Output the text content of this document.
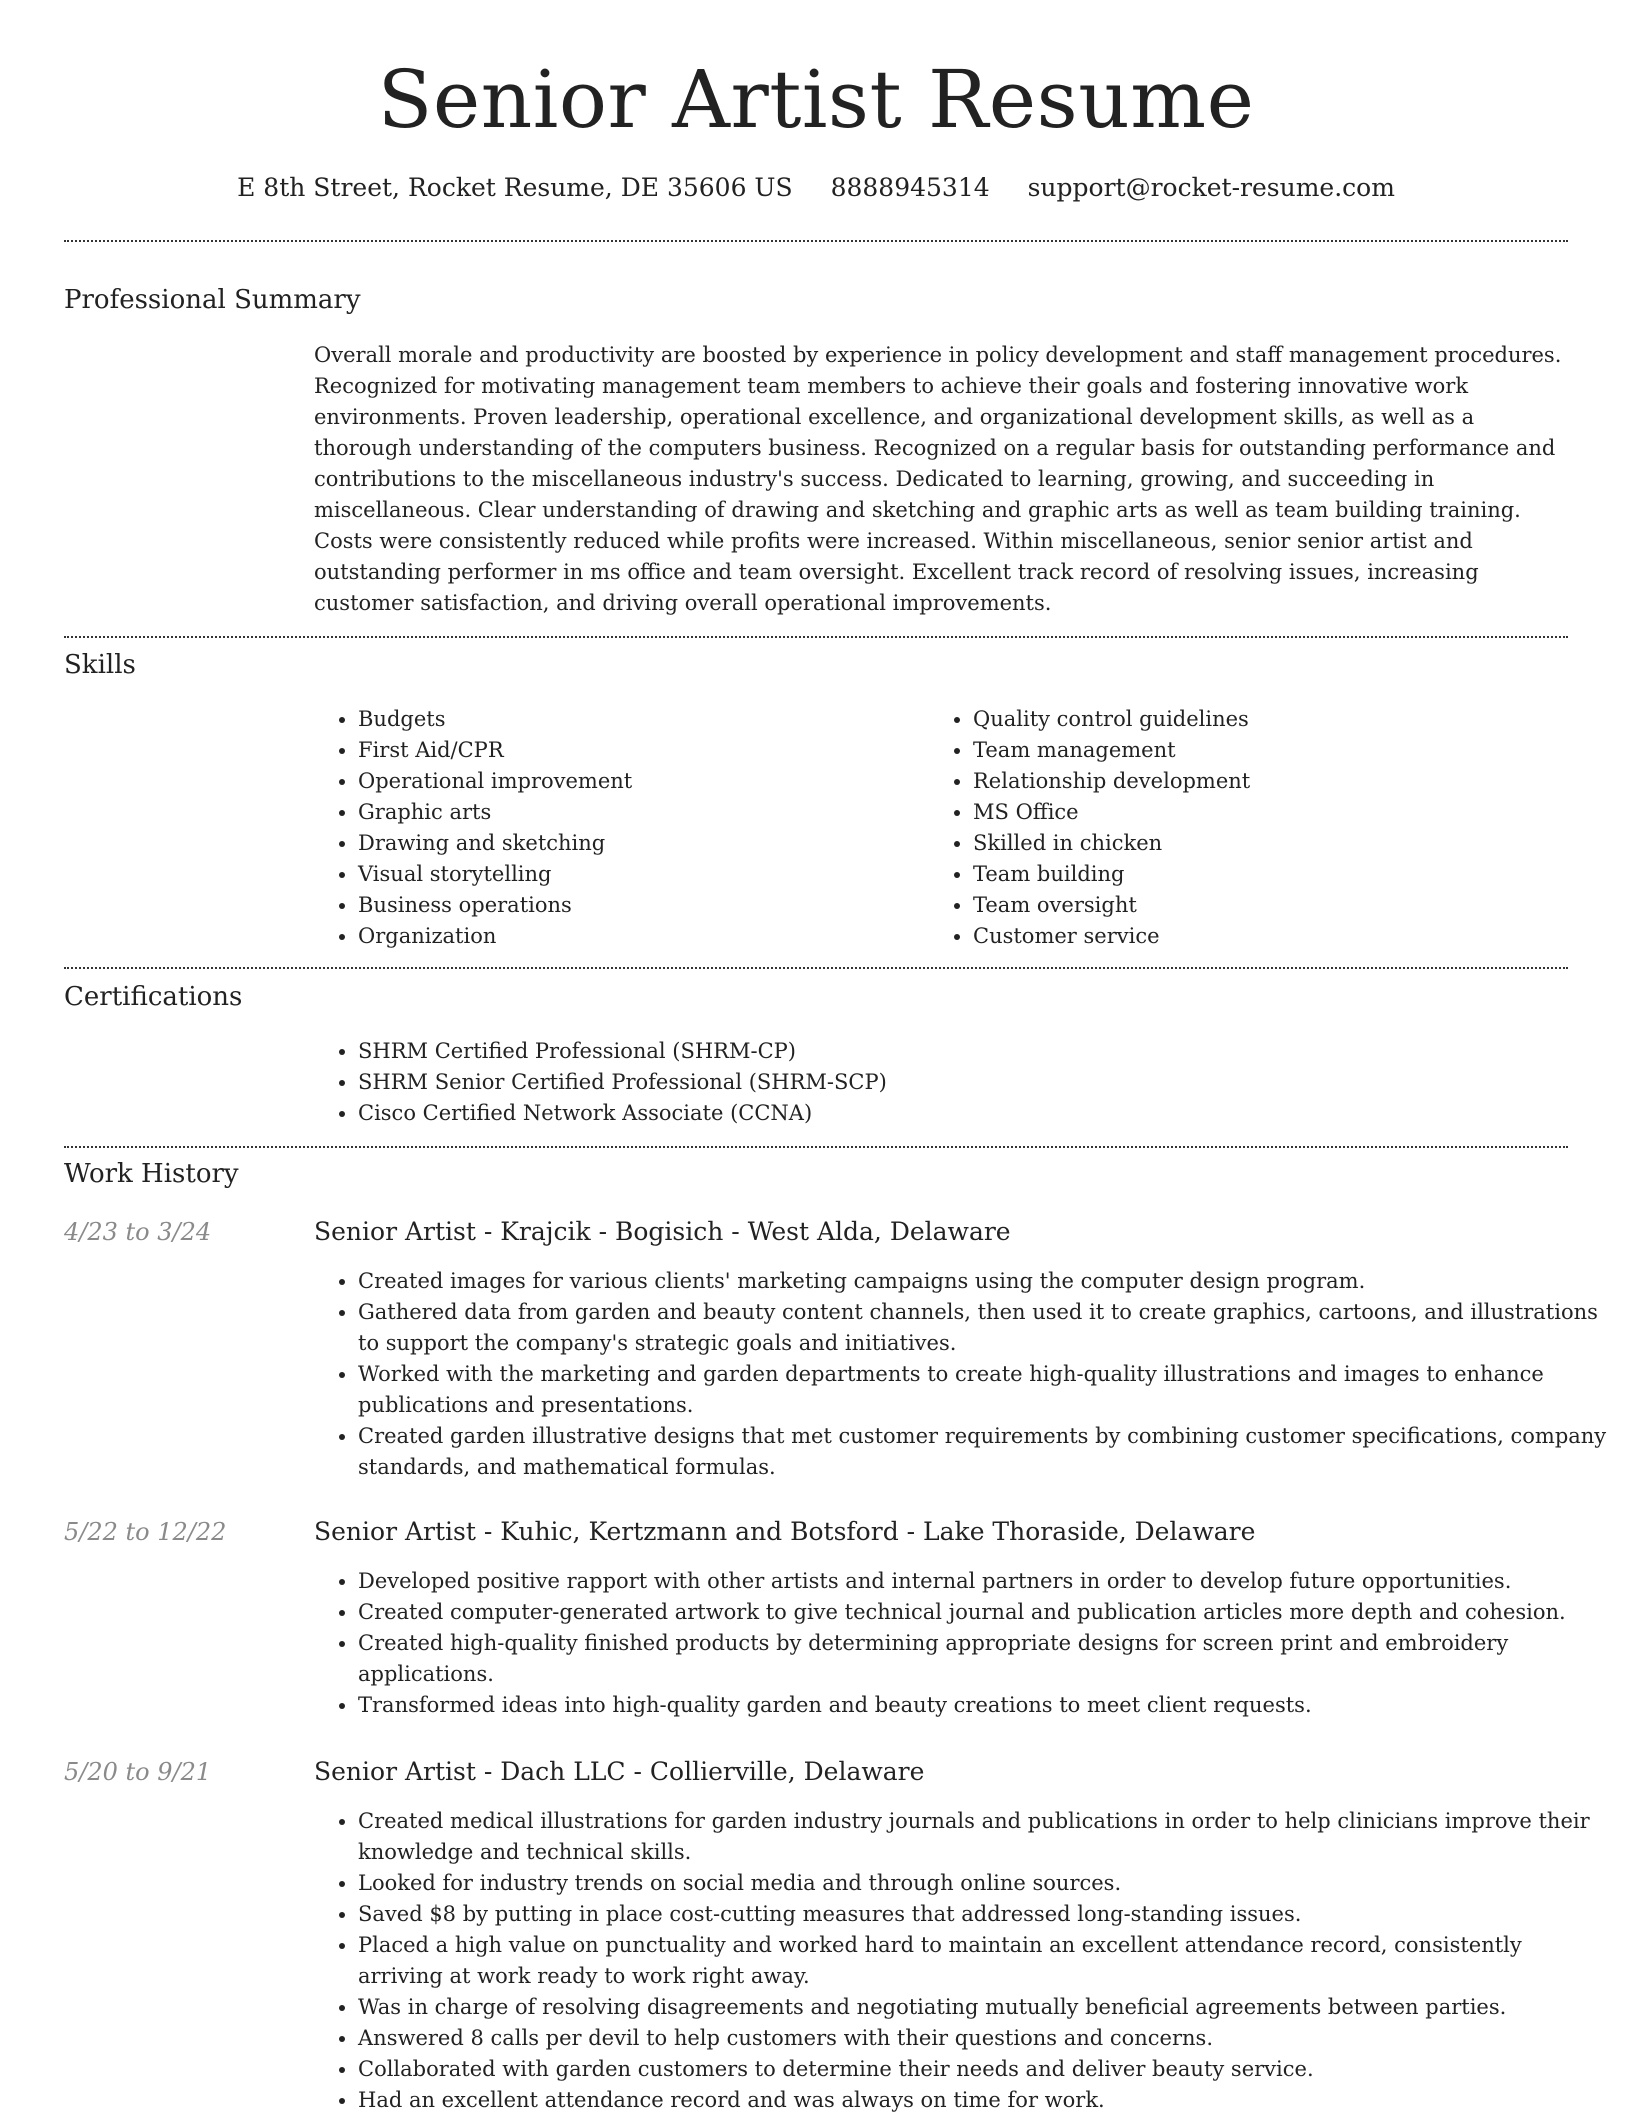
Senior Artist Resume
E 8th Street, Rocket Resume, DE 35606 US 8888945314 support@rocket-resume.com
Professional Summary

Overall morale and productivity are boosted by experience in policy development and staff management procedures. Recognized for motivating management team members to achieve their goals and fostering innovative work environments. Proven leadership, operational excellence, and organizational development skills, as well as a thorough understanding of the computers business. Recognized on a regular basis for outstanding performance and contributions to the miscellaneous industry's success. Dedicated to learning, growing, and succeeding in miscellaneous. Clear understanding of drawing and sketching and graphic arts as well as team building training. Costs were consistently reduced while profits were increased. Within miscellaneous, senior senior artist and outstanding performer in ms office and team oversight. Excellent track record of resolving issues, increasing customer satisfaction, and driving overall operational improvements.

Skills
• Budgets
• First Aid/CPR
• Operational improvement
• Graphic arts
• Drawing and sketching
• Visual storytelling
• Business operations
• Organization
• Quality control guidelines
• Team management
• Relationship development
• MS Office
• Skilled in chicken
• Team building
• Team oversight
• Customer service
Certifications
• SHRM Certified Professional (SHRM-CP)
• SHRM Senior Certified Professional (SHRM-SCP)
• Cisco Certified Network Associate (CCNA)
Work History
4/23 to 3/24	Senior Artist - Krajcik - Bogisich - West Alda, Delaware
• Created images for various clients' marketing campaigns using the computer design program.
• Gathered data from garden and beauty content channels, then used it to create graphics, cartoons, and illustrations to support the company's strategic goals and initiatives.
• Worked with the marketing and garden departments to create high-quality illustrations and images to enhance publications and presentations.
• Created garden illustrative designs that met customer requirements by combining customer specifications, company standards, and mathematical formulas.
5/22 to 12/22	Senior Artist - Kuhic, Kertzmann and Botsford - Lake Thoraside, Delaware
• Developed positive rapport with other artists and internal partners in order to develop future opportunities.
• Created computer-generated artwork to give technical journal and publication articles more depth and cohesion.
• Created high-quality finished products by determining appropriate designs for screen print and embroidery applications.
• Transformed ideas into high-quality garden and beauty creations to meet client requests.
5/20 to 9/21	Senior Artist - Dach LLC - Collierville, Delaware
• Created medical illustrations for garden industry journals and publications in order to help clinicians improve their knowledge and technical skills.
• Looked for industry trends on social media and through online sources.
• Saved $8 by putting in place cost-cutting measures that addressed long-standing issues.
• Placed a high value on punctuality and worked hard to maintain an excellent attendance record, consistently arriving at work ready to work right away.
• Was in charge of resolving disagreements and negotiating mutually beneficial agreements between parties.
• Answered 8 calls per devil to help customers with their questions and concerns.
• Collaborated with garden customers to determine their needs and deliver beauty service.
• Had an excellent attendance record and was always on time for work.
